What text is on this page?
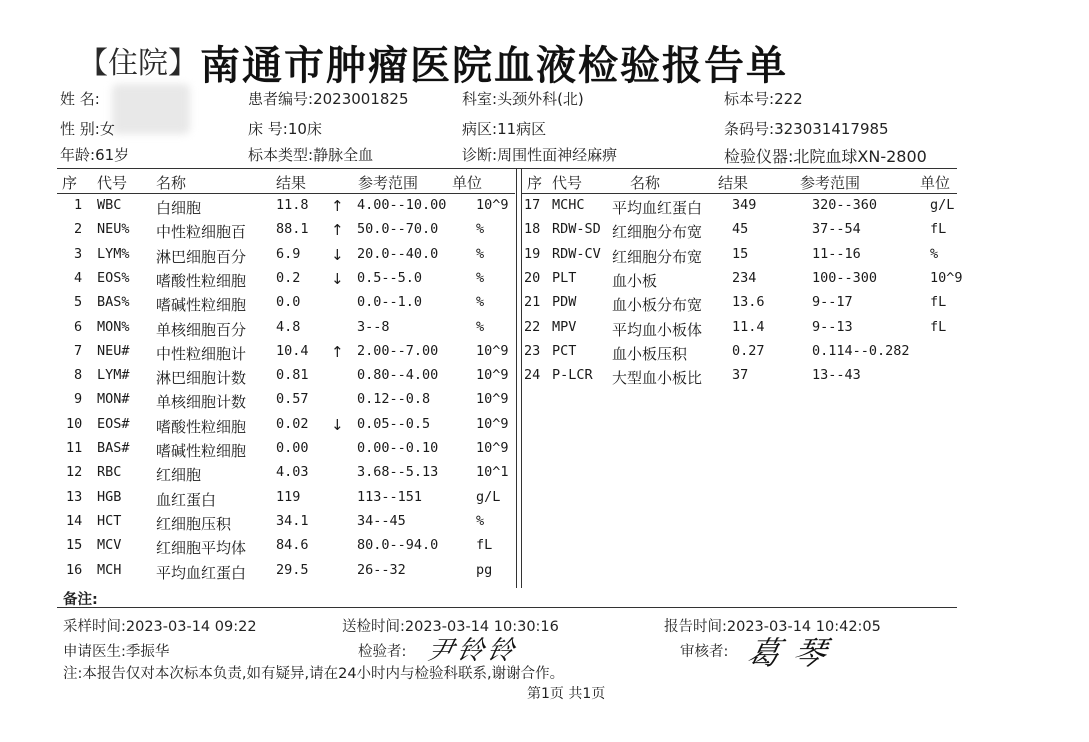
【住院】 南通市肿瘤医院血液检验报告单
姓 名:
性 别:女
年龄:61岁
患者编号:2023001825
床 号:10床
标本类型:静脉全血
科室:头颈外科(北)
病区:11病区
诊断:周围性面神经麻痹
标本号:222
条码号:323031417985
检验仪器:北院血球XN-2800
序 代号 名称	结果	参考范围 单位	序 代号	名称	结果	参考范围	单位
1 WBC 白细胞	11.8 ↑ 4.00--10.00 10^9
2 NEU% 中性粒细胞百 88.1 ↑ 50.0--70.0	%
3 LYM% 淋巴细胞百分 6.9 ↓ 20.0--40.0	%
4 EOS% 嗜酸性粒细胞 0.2 ↓ 0.5--5.0	%
5 BAS% 嗜碱性粒细胞 0.0	0.0--1.0	%
6 MON% 单核细胞百分 4.8	3--8	%
7 NEU# 中性粒细胞计 10.4 ↑ 2.00--7.00	10^9
8 LYM# 淋巴细胞计数 0.81	0.80--4.00	10^9
9 MON# 单核细胞计数 0.57	0.12--0.8	10^9
10 EOS# 嗜酸性粒细胞 0.02 ↓ 0.05--0.5	10^9
11 BAS# 嗜碱性粒细胞 0.00	0.00--0.10	10^9
12 RBC 红细胞	4.03	3.68--5.13	10^1
13 HGB 血红蛋白	119	113--151	g/L
14 HCT 红细胞压积	34.1	34--45	%
15 MCV 红细胞平均体 84.6	80.0--94.0	fL
16 MCH 平均血红蛋白 29.5	26--32	pg
17 MCHC 平均血红蛋白 349	320--360	g/L
18 RDW-SD 红细胞分布宽 45	37--54	fL
19 RDW-CV 红细胞分布宽 15	11--16	%
20 PLT 血小板	234	100--300	10^9
21 PDW 血小板分布宽 13.6	9--17	fL
22 MPV 平均血小板体 11.4	9--13	fL
23 PCT 血小板压积	0.27	0.114--0.282
24 P-LCR 大型血小板比 37	13--43
备注:
采样时间:2023-03-14 09:22	送检时间:2023-03-14 10:30:16	报告时间:2023-03-14 10:42:05
申请医生:季振华	检验者: 尹铃铃	审核者: 葛琴
注:本报告仅对本次标本负责,如有疑异,请在24小时内与检验科联系,谢谢合作。
第1页 共1页
